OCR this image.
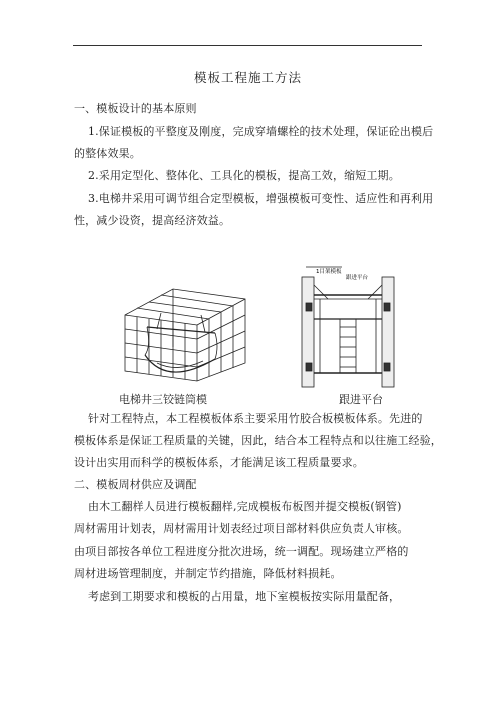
模板工程施工方法
一、模板设计的基本原则
1.保证模板的平整度及刚度，完成穿墙螺栓的技术处理，保证砼出模后
的整体效果。
2.采用定型化、整体化、工具化的模板，提高工效，缩短工期。
3.电梯井采用可调节组合定型模板，增强模板可变性、适应性和再利用
性，减少设资，提高经济效益。
1目架模板
跟进平台
电梯井三铰链筒模	跟进平台
针对工程特点，本工程模板体系主要采用竹胶合板模板体系。先进的
模板体系是保证工程质量的关键，因此，结合本工程特点和以往施工经验，
设计出实用而科学的模板体系，才能满足该工程质量要求。
二、模板周材供应及调配
由木工翻样人员进行模板翻样,完成模板布板图并提交模板(钢管)
周材需用计划表，周材需用计划表经过项目部材料供应负责人审核。
由项目部按各单位工程进度分批次进场，统一调配。现场建立严格的
周材进场管理制度，并制定节约措施，降低材料损耗。
考虑到工期要求和模板的占用量，地下室模板按实际用量配备，
